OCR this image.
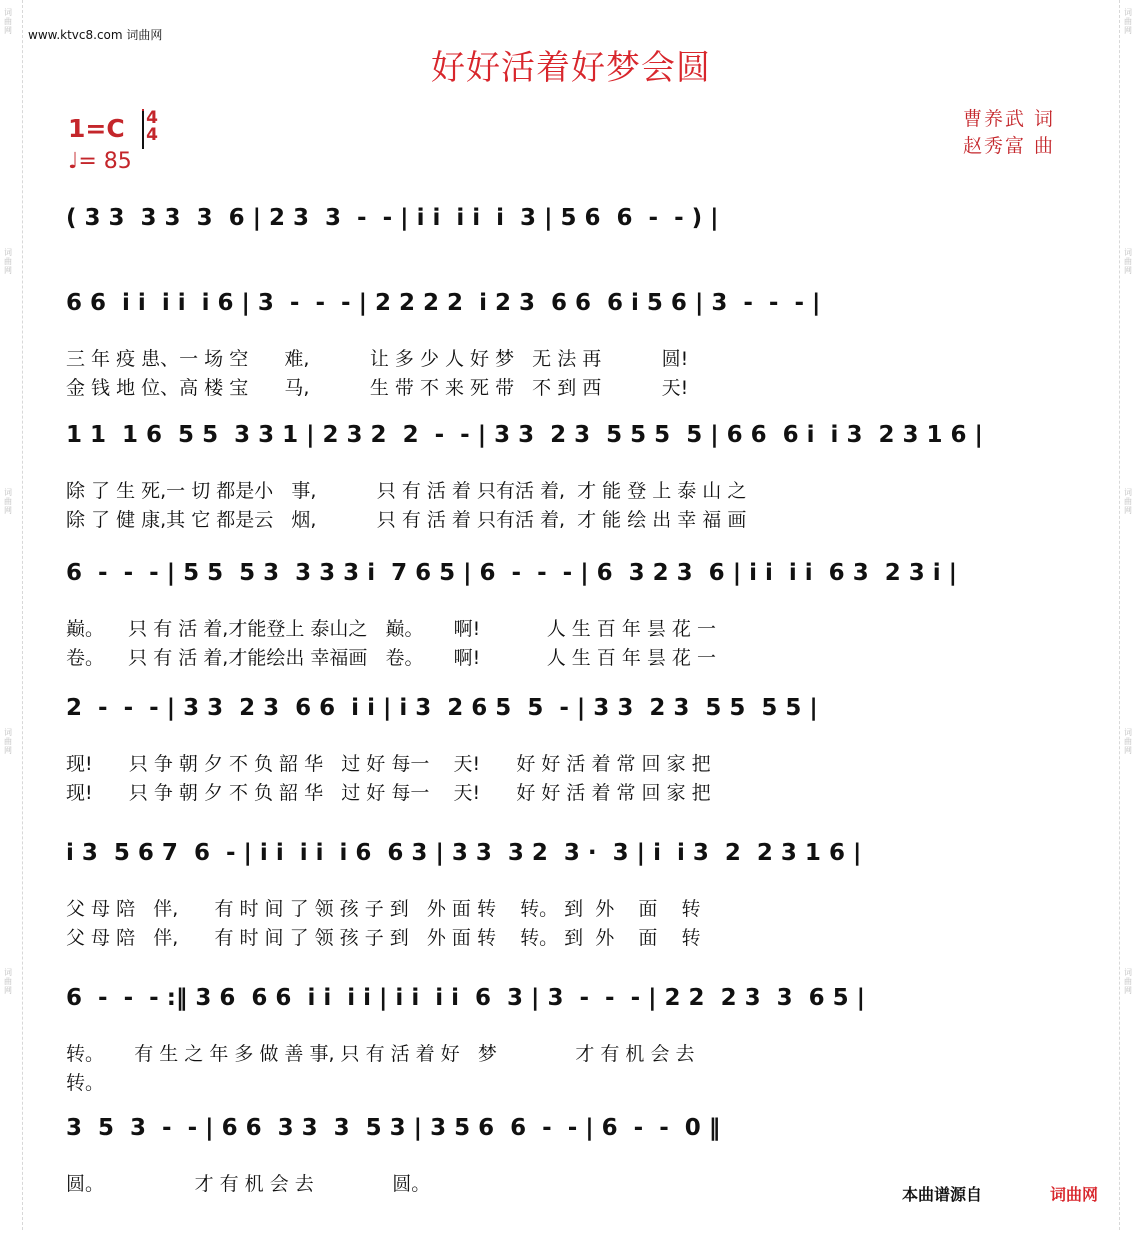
词曲网
词曲网
词曲网
词曲网
词曲网
词曲网
词曲网
词曲网
词曲网
词曲网
www.ktvc8.com 词曲网
好好活着好梦会圆
1=C 4
4
♩= 85
曹养武 词
赵秀富 曲
( 3 3  3 3  3  6 | 2 3  3  -  - | i i  i i  i  3 | 5 6  6  -  - ) |
6 6  i i  i i  i 6 | 3  -  -  - | 2 2 2 2  i 2 3  6 6  6 i 5 6 | 3  -  -  - |
三 年 疫 患、一 场 空      难,          让 多 少 人 好 梦   无 法 再          圆!
金 钱 地 位、高 楼 宝      马,          生 带 不 来 死 带   不 到 西          天!
1 1  1 6  5 5  3 3 1 | 2 3 2  2  -  - | 3 3  2 3  5 5 5  5 | 6 6  6 i  i 3  2 3 1 6 |
除 了 生 死,一 切 都是小   事,          只 有 活 着 只有活 着,  才 能 登 上 泰 山 之
除 了 健 康,其 它 都是云   烟,          只 有 活 着 只有活 着,  才 能 绘 出 幸 福 画
6  -  -  - | 5 5  5 3  3 3 3 i  7 6 5 | 6  -  -  - | 6  3 2 3  6 | i i  i i  6 3  2 3 i |
巅。    只 有 活 着,才能登上 泰山之   巅。     啊!           人 生 百 年 昙 花 一
卷。    只 有 活 着,才能绘出 幸福画   卷。     啊!           人 生 百 年 昙 花 一
2  -  -  - | 3 3  2 3  6 6  i i | i 3  2 6 5  5  - | 3 3  2 3  5 5  5 5 |
现!      只 争 朝 夕 不 负 韶 华   过 好 每一    天!      好 好 活 着 常 回 家 把
现!      只 争 朝 夕 不 负 韶 华   过 好 每一    天!      好 好 活 着 常 回 家 把
i 3  5 6 7  6  - | i i  i i  i 6  6 3 | 3 3  3 2  3 ·  3 | i  i 3  2  2 3 1 6 |
父 母 陪   伴,      有 时 间 了 领 孩 子 到   外 面 转    转。 到  外    面    转
父 母 陪   伴,      有 时 间 了 领 孩 子 到   外 面 转    转。 到  外    面    转
6  -  -  - :‖ 3 6  6 6  i i  i i | i i  i i  6  3 | 3  -  -  - | 2 2  2 3  3  6 5 |
转。     有 生 之 年 多 做 善 事, 只 有 活 着 好   梦             才 有 机 会 去
转。
3  5  3  -  - | 6 6  3 3  3  5 3 | 3 5 6  6  -  - | 6  -  -  0 ‖
圆。               才 有 机 会 去             圆。	本曲谱源自	词曲网
